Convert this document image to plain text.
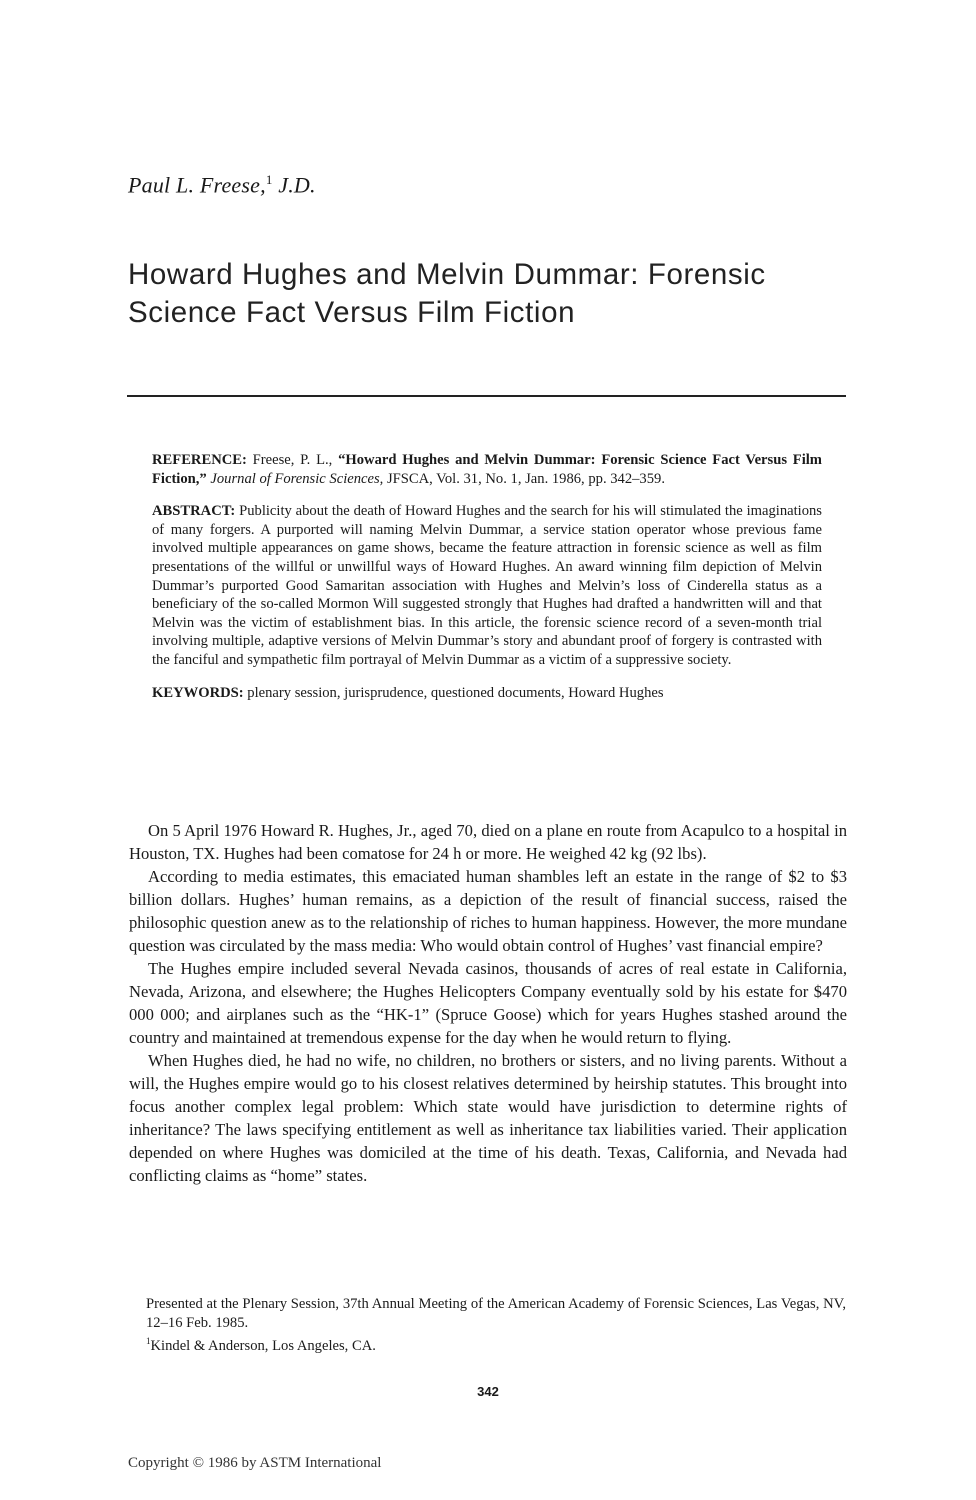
Paul L. Freese,$^1$ J.D.
Howard Hughes and Melvin Dummar: Forensic Science Fact Versus Film Fiction

REFERENCE: Freese, P. L., “Howard Hughes and Melvin Dummar: Forensic Science Fact Versus Film Fiction,” Journal of Forensic Sciences, JFSCA, Vol. 31, No. 1, Jan. 1986, pp. 342–359.

ABSTRACT: Publicity about the death of Howard Hughes and the search for his will stimulated the imaginations of many forgers. A purported will naming Melvin Dummar, a service station operator whose previous fame involved multiple appearances on game shows, became the feature attraction in forensic science as well as film presentations of the willful or unwillful ways of Howard Hughes. An award winning film depiction of Melvin Dummar’s purported Good Samaritan association with Hughes and Melvin’s loss of Cinderella status as a beneficiary of the so-called Mormon Will suggested strongly that Hughes had drafted a handwritten will and that Melvin was the victim of establishment bias. In this article, the forensic science record of a seven-month trial involving multiple, adaptive versions of Melvin Dummar’s story and abundant proof of forgery is contrasted with the fanciful and sympathetic film portrayal of Melvin Dummar as a victim of a suppressive society.

KEYWORDS: plenary session, jurisprudence, questioned documents, Howard Hughes

On 5 April 1976 Howard R. Hughes, Jr., aged 70, died on a plane en route from Acapulco to a hospital in Houston, TX. Hughes had been comatose for 24 h or more. He weighed 42 kg (92 lbs).

According to media estimates, this emaciated human shambles left an estate in the range of $2 to $3 billion dollars. Hughes’ human remains, as a depiction of the result of financial success, raised the philosophic question anew as to the relationship of riches to human happiness. However, the more mundane question was circulated by the mass media: Who would obtain control of Hughes’ vast financial empire?

The Hughes empire included several Nevada casinos, thousands of acres of real estate in California, Nevada, Arizona, and elsewhere; the Hughes Helicopters Company eventually sold by his estate for $470 000 000; and airplanes such as the “HK-1” (Spruce Goose) which for years Hughes stashed around the country and maintained at tremendous expense for the day when he would return to flying.

When Hughes died, he had no wife, no children, no brothers or sisters, and no living parents. Without a will, the Hughes empire would go to his closest relatives determined by heirship statutes. This brought into focus another complex legal problem: Which state would have jurisdiction to determine rights of inheritance? The laws specifying entitlement as well as inheritance tax liabilities varied. Their application depended on where Hughes was domiciled at the time of his death. Texas, California, and Nevada had conflicting claims as “home” states.

Presented at the Plenary Session, 37th Annual Meeting of the American Academy of Forensic Sciences, Las Vegas, NV, 12–16 Feb. 1985.

$^1$Kindel & Anderson, Los Angeles, CA.

342
Copyright © 1986 by ASTM International
